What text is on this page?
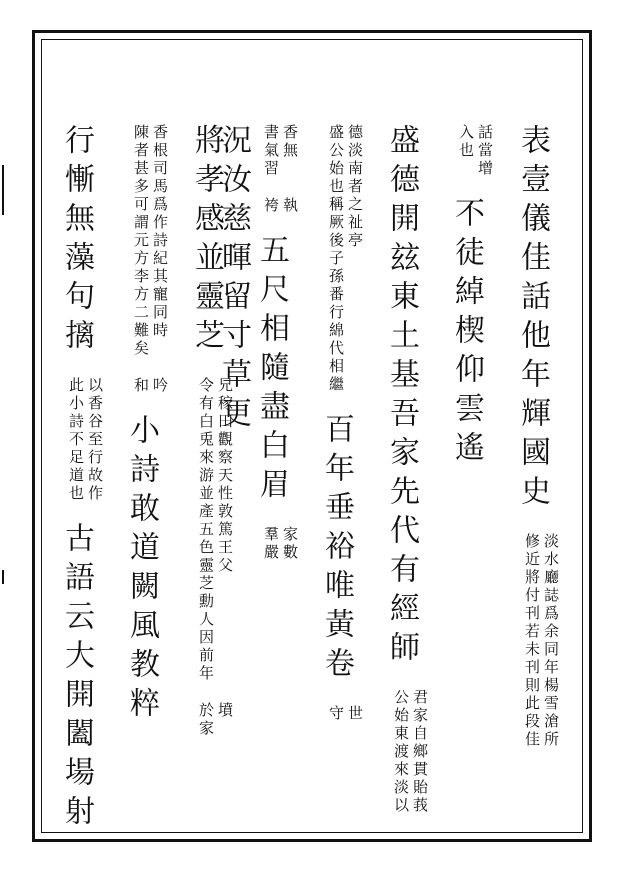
表壹儀佳話他年輝國史 淡水廳誌爲余同年楊雪滄所
修近將付刊若未刊則此段佳
話當增
入也 不徒綽楔仰雲遙
盛德開玆東土基吾家先代有經師 君家自鄉貫貽莪
公始東渡來淡以
德淡南者之祉亭
盛公始也稱厥後子孫番行綿代相繼 百年垂裕唯黃卷 世
守
香無
書氣習 執
袴 五尺相隨盡白眉 家數
羣嚴 況汝慈暉留寸草更
將孝感並靈芝 兄稼田觀察天性敦篤王父
令有白兎來游並產五色靈芝勳人因前年 墳
於家
香根司馬爲作詩紀其寵同時
陳者甚多可謂元方李方二難矣 吟
和 小詩敢道闕風教粹
行慚無藻句摛 以香谷至行故作
此小詩不足道也 古語云大開闔場射
